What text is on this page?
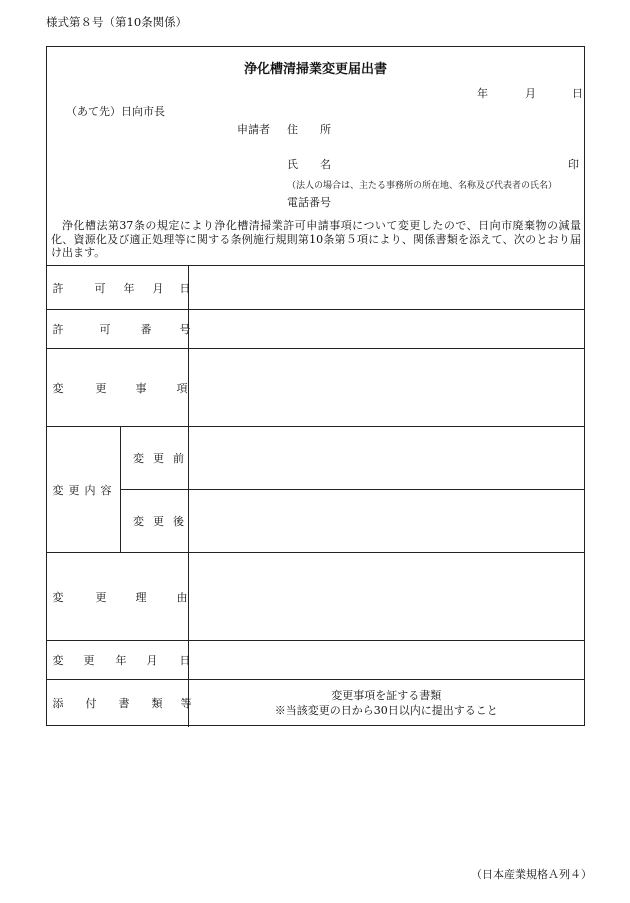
様式第８号（第10条関係）
浄化槽清掃業変更届出書
年	月	日
（あて先）日向市長
申請者 住　　所
氏 名	印
（法人の場合は、主たる事務所の所在地、名称及び代表者の氏名）
電話番号
浄化槽法第37条の規定により浄化槽清掃業許可申請事項について変更したので、日向市廃棄物の減量化、資源化及び適正処理等に関する条例施行規則第10条第５項により、関係書類を添えて、次のとおり届け出ます。
許 可 年 月 日		

許 可 番 号		

変 更 事 項		

変 更 内 容	変 更 前	

	変 更 後	

変 更 理 由		

変 更 年 月 日		

添 付 書 類 等		変更事項を証する書類
※当該変更の日から30日以内に提出すること
（日本産業規格Ａ列４）
